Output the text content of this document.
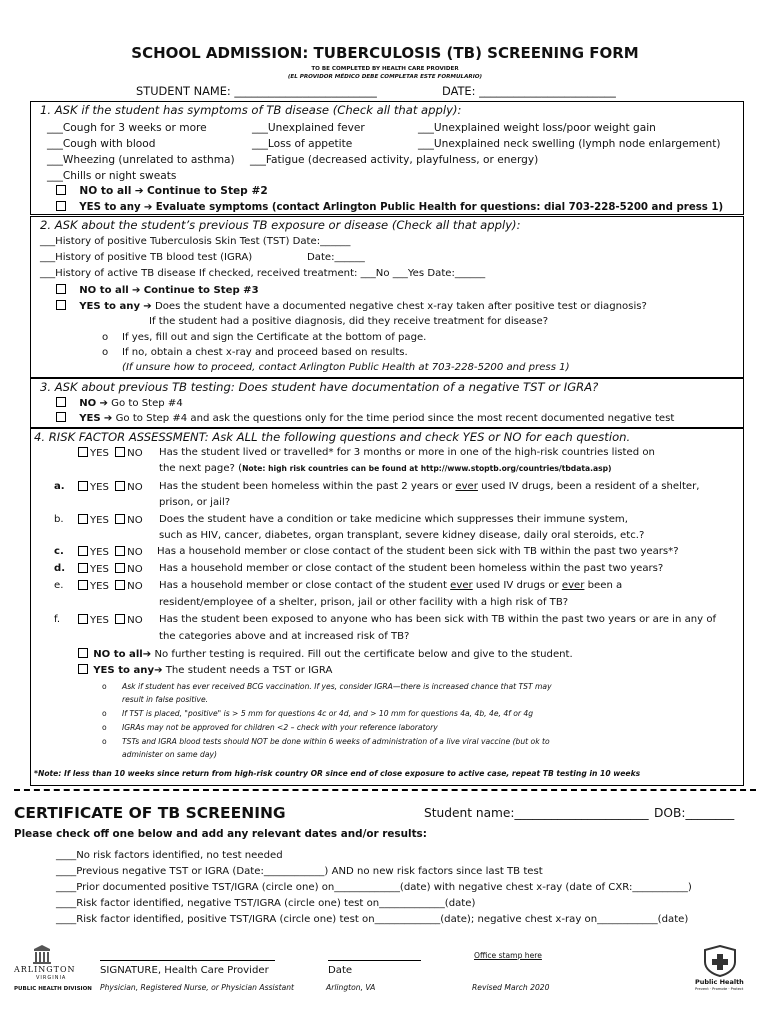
SCHOOL ADMISSION: TUBERCULOSIS (TB) SCREENING FORM
TO BE COMPLETED BY HEALTH CARE PROVIDER
(EL PROVIDOR MÉDICO DEBE COMPLETAR ESTE FORMULARIO)
STUDENT NAME: _________________________	DATE: ________________________
1. ASK if the student has symptoms of TB disease (Check all that apply):
___Cough for 3 weeks or more	___Unexplained fever	___Unexplained weight loss/poor weight gain
___Cough with blood	___Loss of appetite	___Unexplained neck swelling (lymph node enlargement)
___Wheezing (unrelated to asthma) ___Fatigue (decreased activity, playfulness, or energy)
___Chills or night sweats
NO to all ➔ Continue to Step #2
YES to any ➔ Evaluate symptoms (contact Arlington Public Health for questions: dial 703-228-5200 and press 1)
2. ASK about the student’s previous TB exposure or disease (Check all that apply):
___History of positive Tuberculosis Skin Test (TST) Date:______
___History of positive TB blood test (IGRA)	Date:______
___History of active TB disease If checked, received treatment: ___No ___Yes Date:______
NO to all ➔ Continue to Step #3
YES to any ➔ Does the student have a documented negative chest x-ray taken after positive test or diagnosis?
If the student had a positive diagnosis, did they receive treatment for disease?
o If yes, fill out and sign the Certificate at the bottom of page.
o If no, obtain a chest x-ray and proceed based on results.
(If unsure how to proceed, contact Arlington Public Health at 703-228-5200 and press 1)
3. ASK about previous TB testing: Does student have documentation of a negative TST or IGRA?
NO ➔ Go to Step #4
YES ➔ Go to Step #4 and ask the questions only for the time period since the most recent documented negative test
4. RISK FACTOR ASSESSMENT: Ask ALL the following questions and check YES or NO for each question.
YES NO Has the student lived or travelled* for 3 months or more in one of the high-risk countries listed on
the next page? (Note: high risk countries can be found at http://www.stoptb.org/countries/tbdata.asp)
a.	YES NO Has the student been homeless within the past 2 years or ever used IV drugs, been a resident of a shelter,
prison, or jail?
b.	YES NO Does the student have a condition or take medicine which suppresses their immune system,
such as HIV, cancer, diabetes, organ transplant, severe kidney disease, daily oral steroids, etc.?
c.	YES NO Has a household member or close contact of the student been sick with TB within the past two years*?
d.	YES NO Has a household member or close contact of the student been homeless within the past two years?
e.	YES NO Has a household member or close contact of the student ever used IV drugs or ever been a
resident/employee of a shelter, prison, jail or other facility with a high risk of TB?
f.	YES NO Has the student been exposed to anyone who has been sick with TB within the past two years or are in any of
the categories above and at increased risk of TB?
NO to all➔ No further testing is required. Fill out the certificate below and give to the student.
YES to any➔ The student needs a TST or IGRA
o Ask if student has ever received BCG vaccination. If yes, consider IGRA—there is increased chance that TST may
result in false positive.
o If TST is placed, "positive" is > 5 mm for questions 4c or 4d, and > 10 mm for questions 4a, 4b, 4e, 4f or 4g
o IGRAs may not be approved for children <2 – check with your reference laboratory
o TSTs and IGRA blood tests should NOT be done within 6 weeks of administration of a live viral vaccine (but ok to
administer on same day)
*Note: If less than 10 weeks since return from high-risk country OR since end of close exposure to active case, repeat TB testing in 10 weeks
CERTIFICATE OF TB SCREENING	Student name:______________________ DOB:________
Please check off one below and add any relevant dates and/or results:
____No risk factors identified, no test needed
____Previous negative TST or IGRA (Date:____________) AND no new risk factors since last TB test
____Prior documented positive TST/IGRA (circle one) on_____________(date) with negative chest x-ray (date of CXR:___________)
____Risk factor identified, negative TST/IGRA (circle one) test on_____________(date)
____Risk factor identified, positive TST/IGRA (circle one) test on_____________(date); negative chest x-ray on____________(date)
ARLINGTON
VIRGINIA
PUBLIC HEALTH DIVISION
SIGNATURE, Health Care Provider
Physician, Registered Nurse, or Physician Assistant
Date
Arlington, VA
Office stamp here
Revised March 2020
Public Health
Prevent · Promote · Protect
